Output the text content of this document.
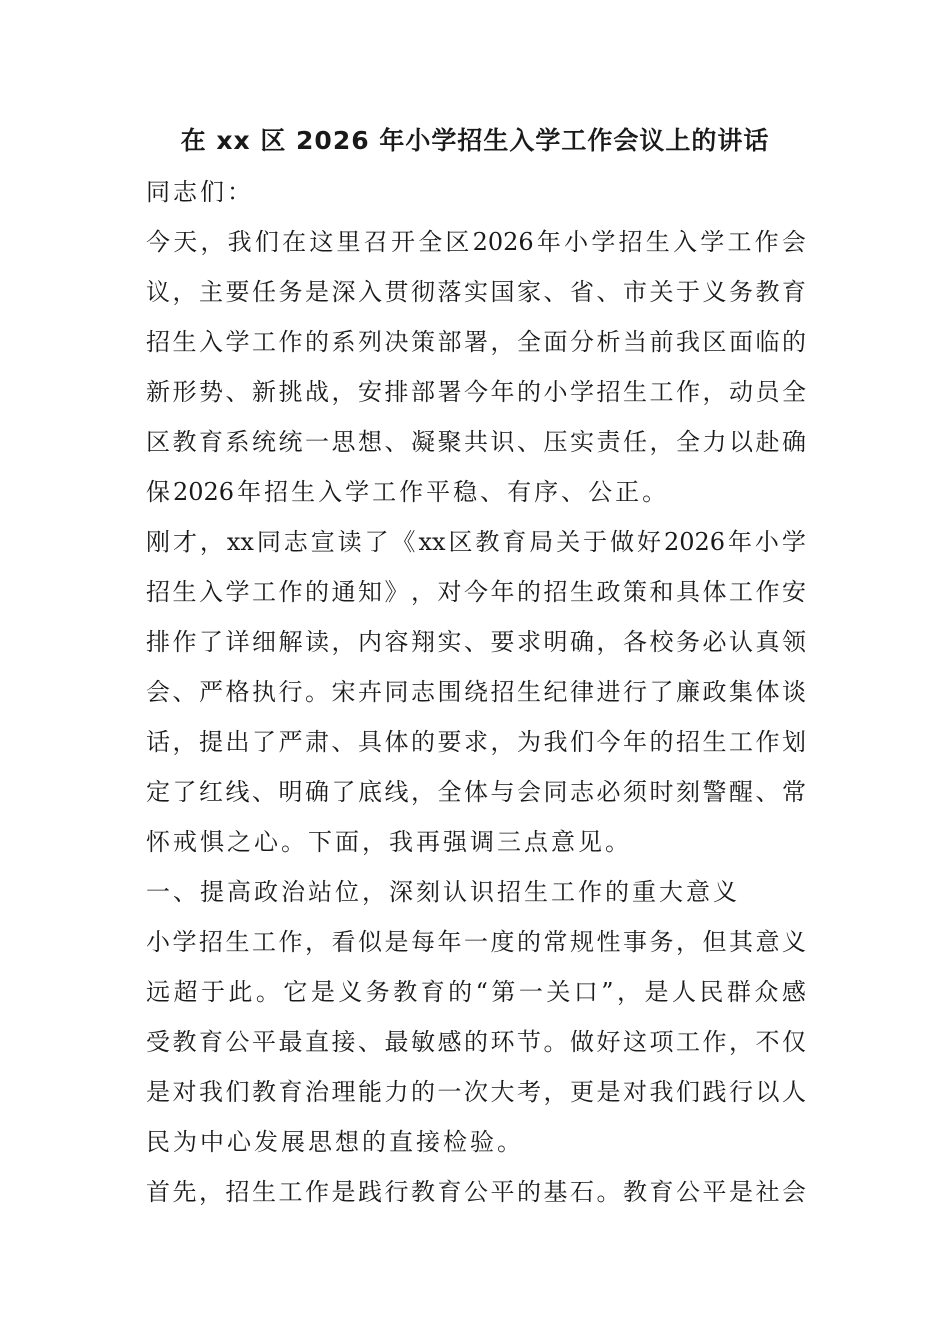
在 xx 区 2026 年小学招生入学工作会议上的讲话
同 志 们 ：
今 天 ， 我 们 在 这 里 召 开 全 区 2026 年 小 学 招 生 入 学 工 作 会
议 ， 主 要 任 务 是 深 入 贯 彻 落 实 国 家 、 省 、 市 关 于 义 务 教 育
招 生 入 学 工 作 的 系 列 决 策 部 署 ， 全 面 分 析 当 前 我 区 面 临 的
新 形 势 、 新 挑 战 ， 安 排 部 署 今 年 的 小 学 招 生 工 作 ， 动 员 全
区 教 育 系 统 统 一 思 想 、 凝 聚 共 识 、 压 实 责 任 ， 全 力 以 赴 确
保 2026 年 招 生 入 学 工 作 平 稳 、 有 序 、 公 正 。
刚 才 ， xx 同 志 宣 读 了 《 xx 区 教 育 局 关 于 做 好 2026 年 小 学
招 生 入 学 工 作 的 通 知 》 ， 对 今 年 的 招 生 政 策 和 具 体 工 作 安
排 作 了 详 细 解 读 ， 内 容 翔 实 、 要 求 明 确 ， 各 校 务 必 认 真 领
会 、 严 格 执 行 。 宋 卉 同 志 围 绕 招 生 纪 律 进 行 了 廉 政 集 体 谈
话 ， 提 出 了 严 肃 、 具 体 的 要 求 ， 为 我 们 今 年 的 招 生 工 作 划
定 了 红 线 、 明 确 了 底 线 ， 全 体 与 会 同 志 必 须 时 刻 警 醒 、 常
怀 戒 惧 之 心 。 下 面 ， 我 再 强 调 三 点 意 见 。
一 、 提 高 政 治 站 位 ， 深 刻 认 识 招 生 工 作 的 重 大 意 义
小 学 招 生 工 作 ， 看 似 是 每 年 一 度 的 常 规 性 事 务 ， 但 其 意 义
远 超 于 此 。 它 是 义 务 教 育 的 “ 第 一 关 口 ” ， 是 人 民 群 众 感
受 教 育 公 平 最 直 接 、 最 敏 感 的 环 节 。 做 好 这 项 工 作 ， 不 仅
是 对 我 们 教 育 治 理 能 力 的 一 次 大 考 ， 更 是 对 我 们 践 行 以 人
民 为 中 心 发 展 思 想 的 直 接 检 验 。
首 先 ， 招 生 工 作 是 践 行 教 育 公 平 的 基 石 。 教 育 公 平 是 社 会
